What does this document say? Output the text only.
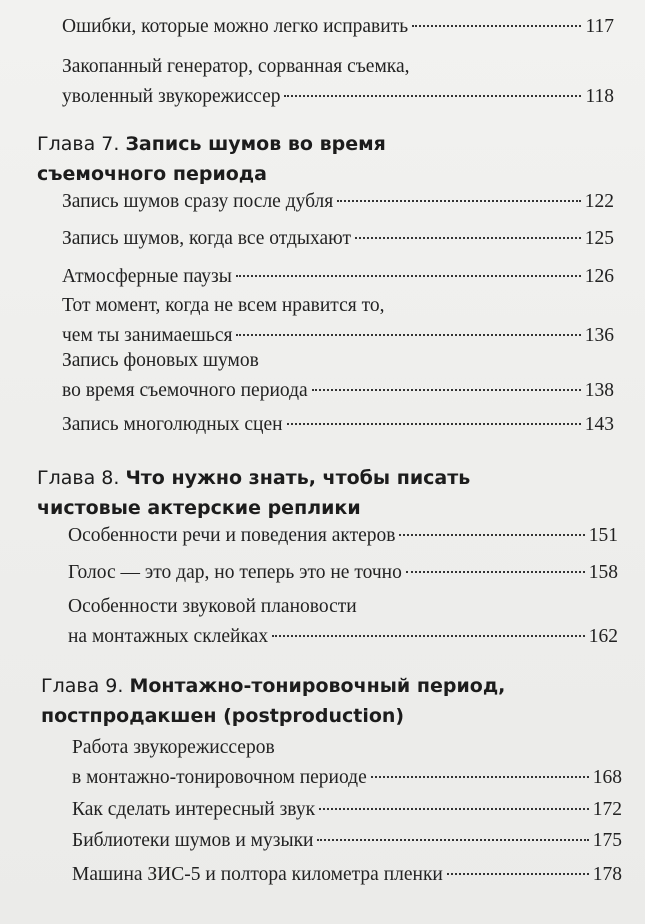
Ошибки, которые можно легко исправить	117
Закопанный генератор, сорванная съемка,
уволенный звукорежиссер	118
Глава 7. Запись шумов во время
съемочного периода
Запись шумов сразу после дубля	122
Запись шумов, когда все отдыхают	125
Атмосферные паузы	126
Тот момент, когда не всем нравится то,
чем ты занимаешься	136
Запись фоновых шумов
во время съемочного периода	138
Запись многолюдных сцен	143
Глава 8. Что нужно знать, чтобы писать
чистовые актерские реплики
Особенности речи и поведения актеров	151
Голос — это дар, но теперь это не точно	158
Особенности звуковой плановости
на монтажных склейках	162
Глава 9. Монтажно-тонировочный период,
постпродакшен (postproduction)
Работа звукорежиссеров
в монтажно-тонировочном периоде	168
Как сделать интересный звук	172
Библиотеки шумов и музыки	175
Машина ЗИС-5 и полтора километра пленки	178
